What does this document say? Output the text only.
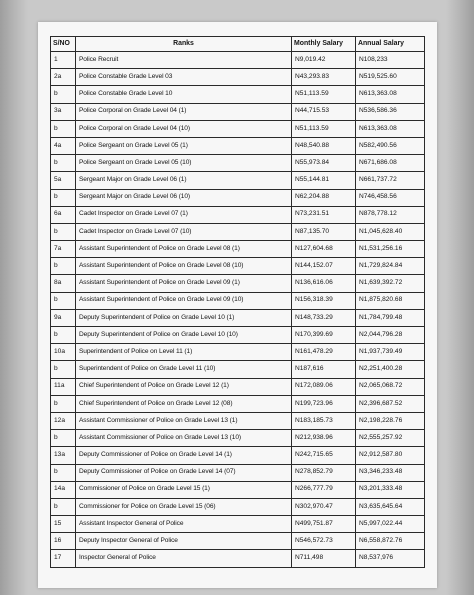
S/NO	Ranks	Monthly Salary	Annual Salary
1	Police Recruit	N9,019.42	N108,233
2a	Police Constable Grade Level 03	N43,293.83	N519,525.60
b	Police Constable Grade Level 10	N51,113.59	N613,363.08
3a	Police Corporal on Grade Level 04 (1)	N44,715.53	N536,586.36
b	Police Corporal on Grade Level 04 (10)	N51,113.59	N613,363.08
4a	Police Sergeant on Grade Level 05 (1)	N48,540.88	N582,490.56
b	Police Sergeant on Grade Level 05 (10)	N55,973.84	N671,686.08
5a	Sergeant Major on Grade Level 06 (1)	N55,144.81	N661,737.72
b	Sergeant Major on Grade Level 06 (10)	N62,204.88	N746,458.56
6a	Cadet Inspector on Grade Level 07 (1)	N73,231.51	N878,778.12
b	Cadet Inspector on Grade Level 07 (10)	N87,135.70	N1,045,628.40
7a	Assistant Superintendent of Police on Grade Level 08 (1)	N127,604.68	N1,531,256.16
b	Assistant Superintendent of Police on Grade Level 08 (10)	N144,152.07	N1,729,824.84
8a	Assistant Superintendent of Police on Grade Level 09 (1)	N136,616.06	N1,639,392.72
b	Assistant Superintendent of Police on Grade Level 09 (10)	N156,318.39	N1,875,820.68
9a	Deputy Superintendent of Police on Grade Level 10 (1)	N148,733.29	N1,784,799.48
b	Deputy Superintendent of Police on Grade Level 10 (10)	N170,399.69	N2,044,796.28
10a	Superintendent of Police on Level 11 (1)	N161,478.29	N1,937,739.49
b	Superintendent of Police on Grade Level 11 (10)	N187,616	N2,251,400.28
11a	Chief Superintendent of Police on Grade Level 12 (1)	N172,089.06	N2,065,068.72
b	Chief Superintendent of Police on Grade Level 12 (08)	N199,723.96	N2,396,687.52
12a	Assistant Commissioner of Police on Grade Level 13 (1)	N183,185.73	N2,198,228.76
b	Assistant Commissioner of Police on Grade Level 13 (10)	N212,938.96	N2,555,257.92
13a	Deputy Commissioner of Police on Grade Level 14 (1)	N242,715.65	N2,912,587.80
b	Deputy Commissioner of Police on Grade Level 14 (07)	N278,852.79	N3,346,233.48
14a	Commissioner of Police on Grade Level 15 (1)	N266,777.79	N3,201,333.48
b	Commissioner for Police on Grade Level 15 (06)	N302,970.47	N3,635,645.64
15	Assistant Inspector General of Police	N499,751.87	N5,997,022.44
16	Deputy Inspector General of Police	N546,572.73	N6,558,872.76
17	Inspector General of Police	N711,498	N8,537,976
